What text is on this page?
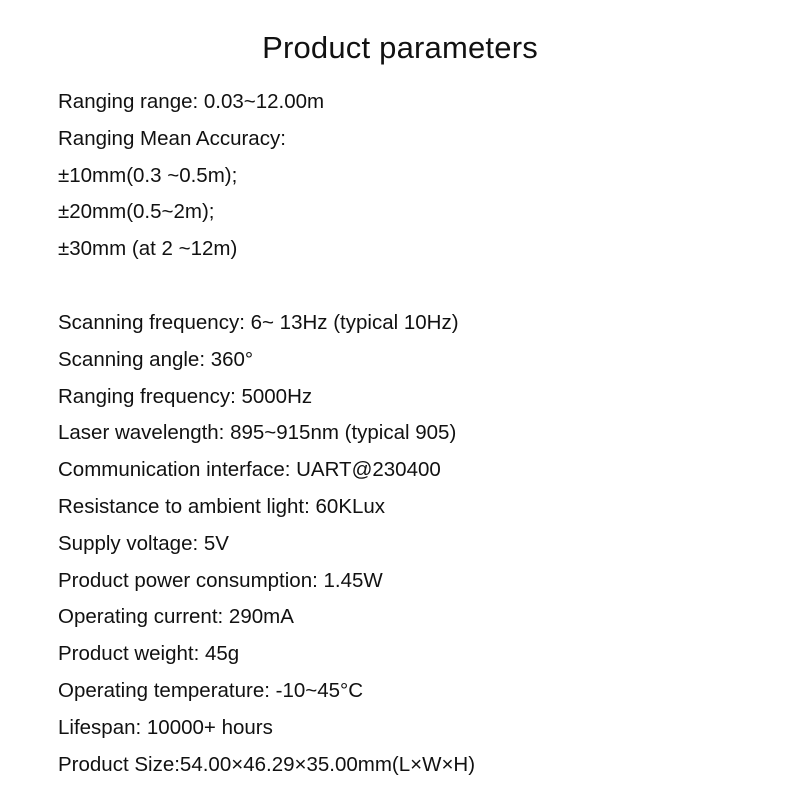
Product parameters
Ranging range: 0.03~12.00m
Ranging Mean Accuracy:
±10mm(0.3 ~0.5m);
±20mm(0.5~2m);
±30mm (at 2 ~12m)
Scanning frequency: 6~ 13Hz (typical 10Hz)
Scanning angle: 360°
Ranging frequency: 5000Hz
Laser wavelength: 895~915nm (typical 905)
Communication interface: UART@230400
Resistance to ambient light: 60KLux
Supply voltage: 5V
Product power consumption: 1.45W
Operating current: 290mA
Product weight: 45g
Operating temperature: -10~45°C
Lifespan: 10000+ hours
Product Size:54.00×46.29×35.00mm(L×W×H)
